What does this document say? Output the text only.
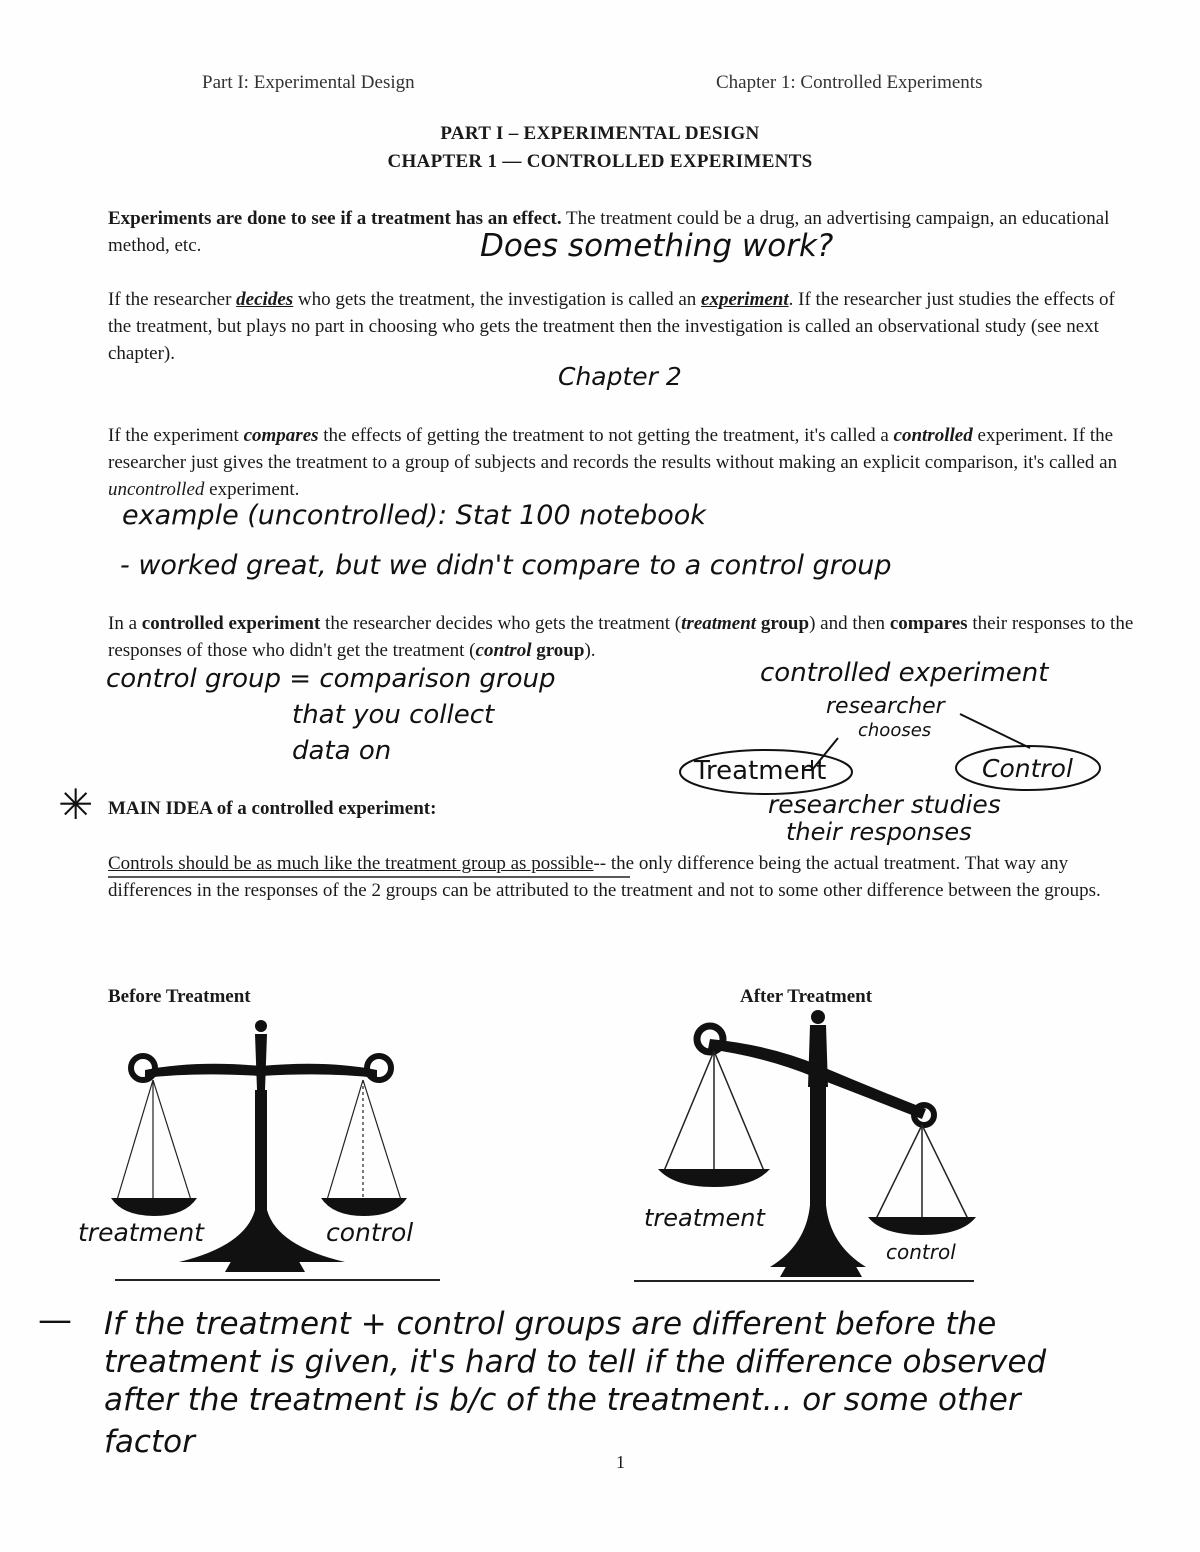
Part I: Experimental Design	Chapter 1: Controlled Experiments
PART I – EXPERIMENTAL DESIGN
CHAPTER 1 — CONTROLLED EXPERIMENTS
Experiments are done to see if a treatment has an effect. The treatment could be a drug, an advertising campaign, an educational method, etc.	Does something work?
If the researcher decides who gets the treatment, the investigation is called an experiment. If the researcher just studies the effects of the treatment, but plays no part in choosing who gets the treatment then the investigation is called an observational study (see next chapter).
Chapter 2
If the experiment compares the effects of getting the treatment to not getting the treatment, it's called a controlled experiment. If the researcher just gives the treatment to a group of subjects and records the results without making an explicit comparison, it's called an uncontrolled experiment.
example (uncontrolled): Stat 100 notebook
- worked great, but we didn't compare to a control group
In a controlled experiment the researcher decides who gets the treatment (treatment group) and then compares their responses to the responses of those who didn't get the treatment (control group).
control group = comparison group
that you collect
data on
controlled experiment
researcher
chooses
Treatment	Control
researcher studies
their responses
✳ MAIN IDEA of a controlled experiment:
Controls should be as much like the treatment group as possible-- the only difference being the actual treatment. That way any differences in the responses of the 2 groups can be attributed to the treatment and not to some other difference between the groups.
Before Treatment	After Treatment
treatment	control	treatment
control
— If the treatment + control groups are different before the
treatment is given, it's hard to tell if the difference observed
after the treatment is b/c of the treatment... or some other
factor
1
